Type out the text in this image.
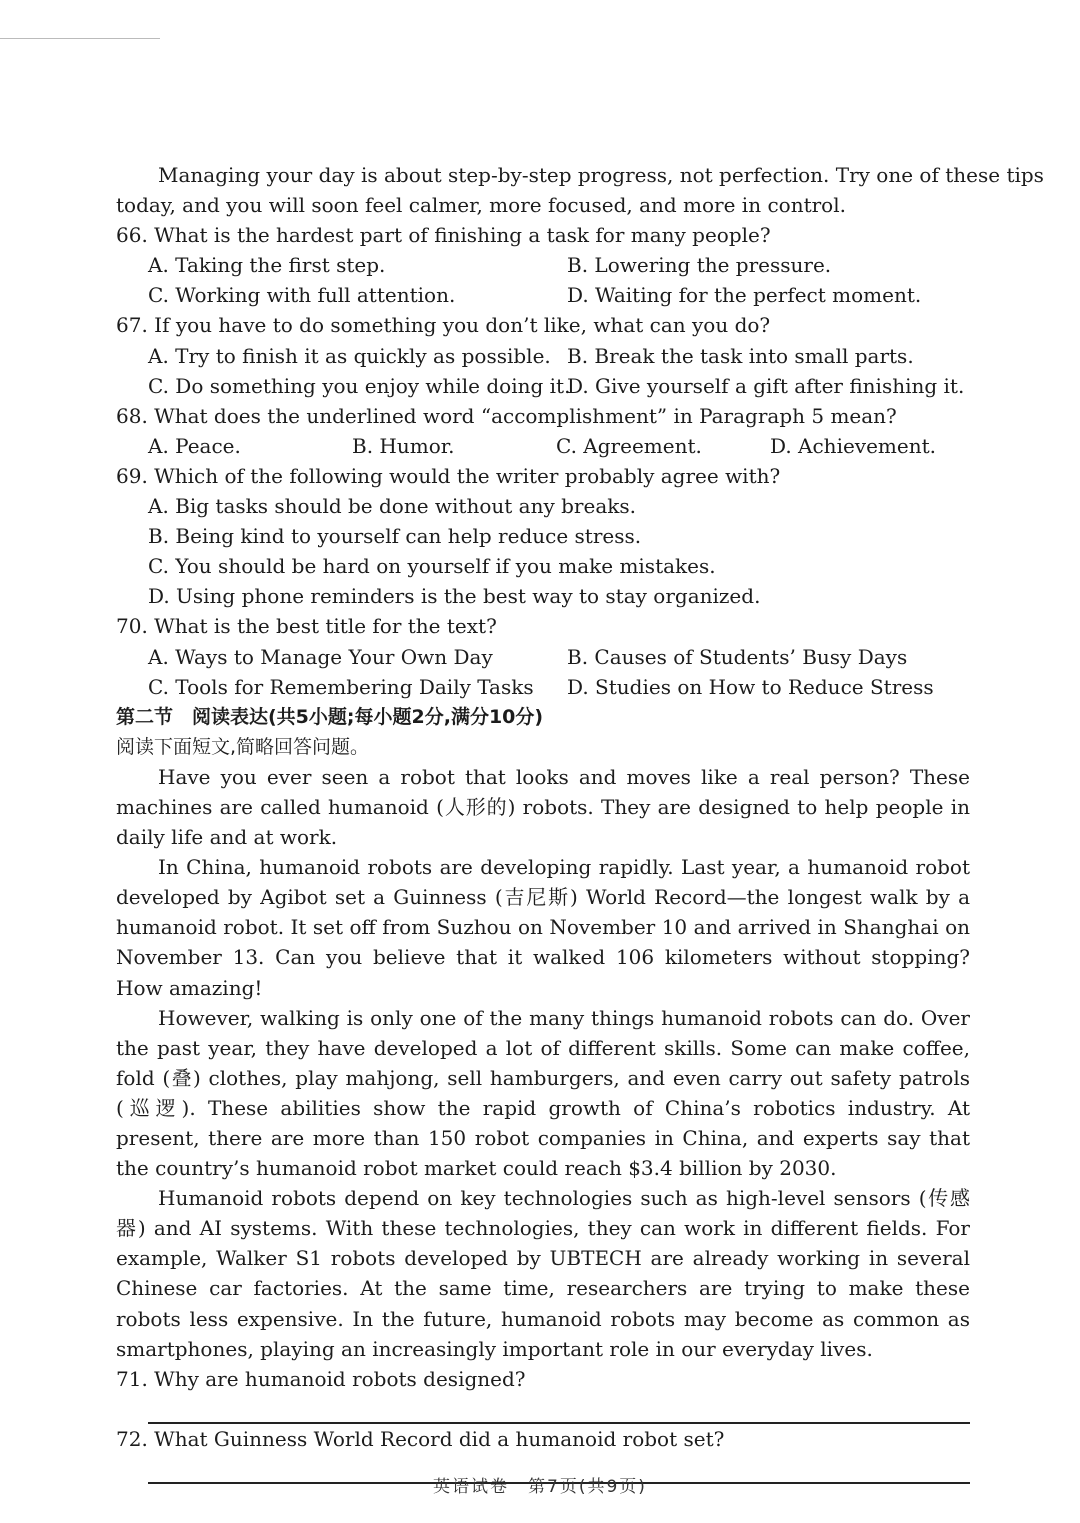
Managing your day is about step-by-step progress, not perfection. Try one of these tips
today, and you will soon feel calmer, more focused, and more in control.
66. What is the hardest part of finishing a task for many people?
A. Taking the first step.	B. Lowering the pressure.
C. Working with full attention.	D. Waiting for the perfect moment.
67. If you have to do something you don’t like, what can you do?
A. Try to finish it as quickly as possible. B. Break the task into small parts.
C. Do something you enjoy while doing it.
D. Give yourself a gift after finishing it.
68. What does the underlined word “accomplishment” in Paragraph 5 mean?
A. Peace.	B. Humor.	C. Agreement.	D. Achievement.
69. Which of the following would the writer probably agree with?
A. Big tasks should be done without any breaks.
B. Being kind to yourself can help reduce stress.
C. You should be hard on yourself if you make mistakes.
D. Using phone reminders is the best way to stay organized.
70. What is the best title for the text?
A. Ways to Manage Your Own Day	B. Causes of Students’ Busy Days
C. Tools for Remembering Daily Tasks	D. Studies on How to Reduce Stress
第二节　阅读表达(共5小题;每小题2分,满分10分)
阅读下面短文,简略回答问题。
Have you ever seen a robot that looks and moves like a real person? These machines are called humanoid (人形的) robots. They are designed to help people in daily life and at work.
In China, humanoid robots are developing rapidly. Last year, a humanoid robot developed by Agibot set a Guinness (吉尼斯) World Record—the longest walk by a humanoid robot. It set off from Suzhou on November 10 and arrived in Shanghai on November 13. Can you believe that it walked 106 kilometers without stopping? How amazing!
However, walking is only one of the many things humanoid robots can do. Over the past year, they have developed a lot of different skills. Some can make coffee, fold (叠) clothes, play mahjong, sell hamburgers, and even carry out safety patrols (巡逻). These abilities show the rapid growth of China’s robotics industry. At present, there are more than 150 robot companies in China, and experts say that the country’s humanoid robot market could reach $3.4 billion by 2030.
Humanoid robots depend on key technologies such as high-level sensors (传感器) and AI systems. With these technologies, they can work in different fields. For example, Walker S1 robots developed by UBTECH are already working in several Chinese car factories. At the same time, researchers are trying to make these robots less expensive. In the future, humanoid robots may become as common as smartphones, playing an increasingly important role in our everyday lives.
71. Why are humanoid robots designed?
72. What Guinness World Record did a humanoid robot set?
英语试卷　第7页(共9页)
